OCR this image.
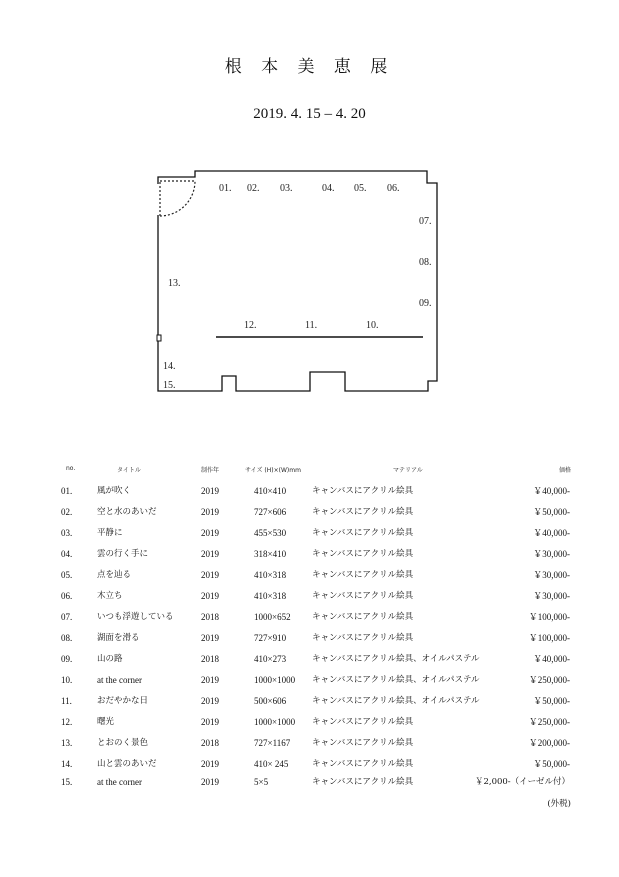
根 本 美 恵 展
2019. 4. 15 – 4. 20
01. 02. 03.	04. 05. 06.
07.
08.
09.
10.
11.
12.
13.
14.
15.
no.	タイトル	制作年	サイズ (H)×(W)mm	マテリアル	価格
01.	風が吹く	2019	410×410	キャンバスにアクリル絵具	￥40,000-
02.	空と水のあいだ	2019	727×606	キャンバスにアクリル絵具	￥50,000-
03.	平静に	2019	455×530	キャンバスにアクリル絵具	￥40,000-
04.	雲の行く手に	2019	318×410	キャンバスにアクリル絵具	￥30,000-
05.	点を辿る	2019	410×318	キャンバスにアクリル絵具	￥30,000-
06.	木立ち	2019	410×318	キャンバスにアクリル絵具	￥30,000-
07.	いつも浮遊している	2018	1000×652	キャンバスにアクリル絵具	￥100,000-
08.	湖面を滑る	2019	727×910	キャンバスにアクリル絵具	￥100,000-
09.	山の路	2018	410×273	キャンバスにアクリル絵具、オイルパステル	￥40,000-
10.	at the corner	2019	1000×1000 キャンバスにアクリル絵具、オイルパステル	￥250,000-
11.	おだやかな日	2019	500×606	キャンバスにアクリル絵具、オイルパステル	￥50,000-
12.	曙光	2019	1000×1000 キャンバスにアクリル絵具	￥250,000-
13.	とおのく景色	2018	727×1167	キャンバスにアクリル絵具	￥200,000-
14.	山と雲のあいだ	2019	410× 245	キャンバスにアクリル絵具	￥50,000-
15.	at the corner	2019	5×5	キャンバスにアクリル絵具	￥2,000-（イーゼル付）
(外税)
